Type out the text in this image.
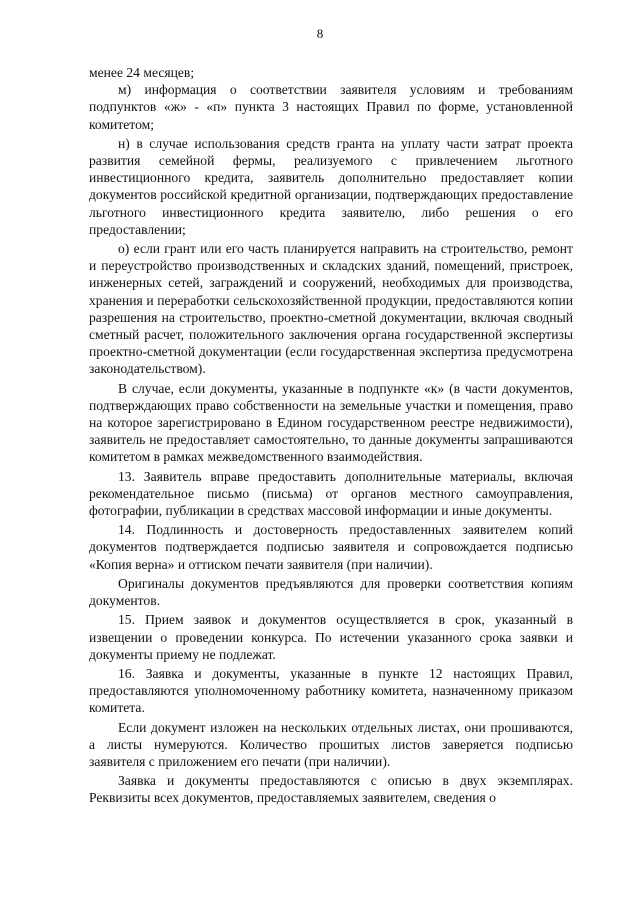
8

менее 24 месяцев;

м) информация о соответствии заявителя условиям и требованиям подпунктов «ж» - «п» пункта 3 настоящих Правил по форме, установленной комитетом;

н) в случае использования средств гранта на уплату части затрат проекта развития семейной фермы, реализуемого с привлечением льготного инвестиционного кредита, заявитель дополнительно предоставляет копии документов российской кредитной организации, подтверждающих предоставление льготного инвестиционного кредита заявителю, либо решения о его предоставлении;

о) если грант или его часть планируется направить на строительство, ремонт и переустройство производственных и складских зданий, помещений, пристроек, инженерных сетей, заграждений и сооружений, необходимых для производства, хранения и переработки сельскохозяйственной продукции, предоставляются копии разрешения на строительство, проектно-сметной документации, включая сводный сметный расчет, положительного заключения органа государственной экспертизы проектно-сметной документации (если государственная экспертиза предусмотрена законодательством).

В случае, если документы, указанные в подпункте «к» (в части документов, подтверждающих право собственности на земельные участки и помещения, право на которое зарегистрировано в Едином государственном реестре недвижимости), заявитель не предоставляет самостоятельно, то данные документы запрашиваются комитетом в рамках межведомственного взаимодействия.

13. Заявитель вправе предоставить дополнительные материалы, включая рекомендательное письмо (письма) от органов местного самоуправления, фотографии, публикации в средствах массовой информации и иные документы.

14. Подлинность и достоверность предоставленных заявителем копий документов подтверждается подписью заявителя и сопровождается подписью «Копия верна» и оттиском печати заявителя (при наличии).

Оригиналы документов предъявляются для проверки соответствия копиям документов.

15. Прием заявок и документов осуществляется в срок, указанный в извещении о проведении конкурса. По истечении указанного срока заявки и документы приему не подлежат.

16. Заявка и документы, указанные в пункте 12 настоящих Правил, предоставляются уполномоченному работнику комитета, назначенному приказом комитета.

Если документ изложен на нескольких отдельных листах, они прошиваются, а листы нумеруются. Количество прошитых листов заверяется подписью заявителя с приложением его печати (при наличии).

Заявка и документы предоставляются с описью в двух экземплярах. Реквизиты всех документов, предоставляемых заявителем, сведения о
